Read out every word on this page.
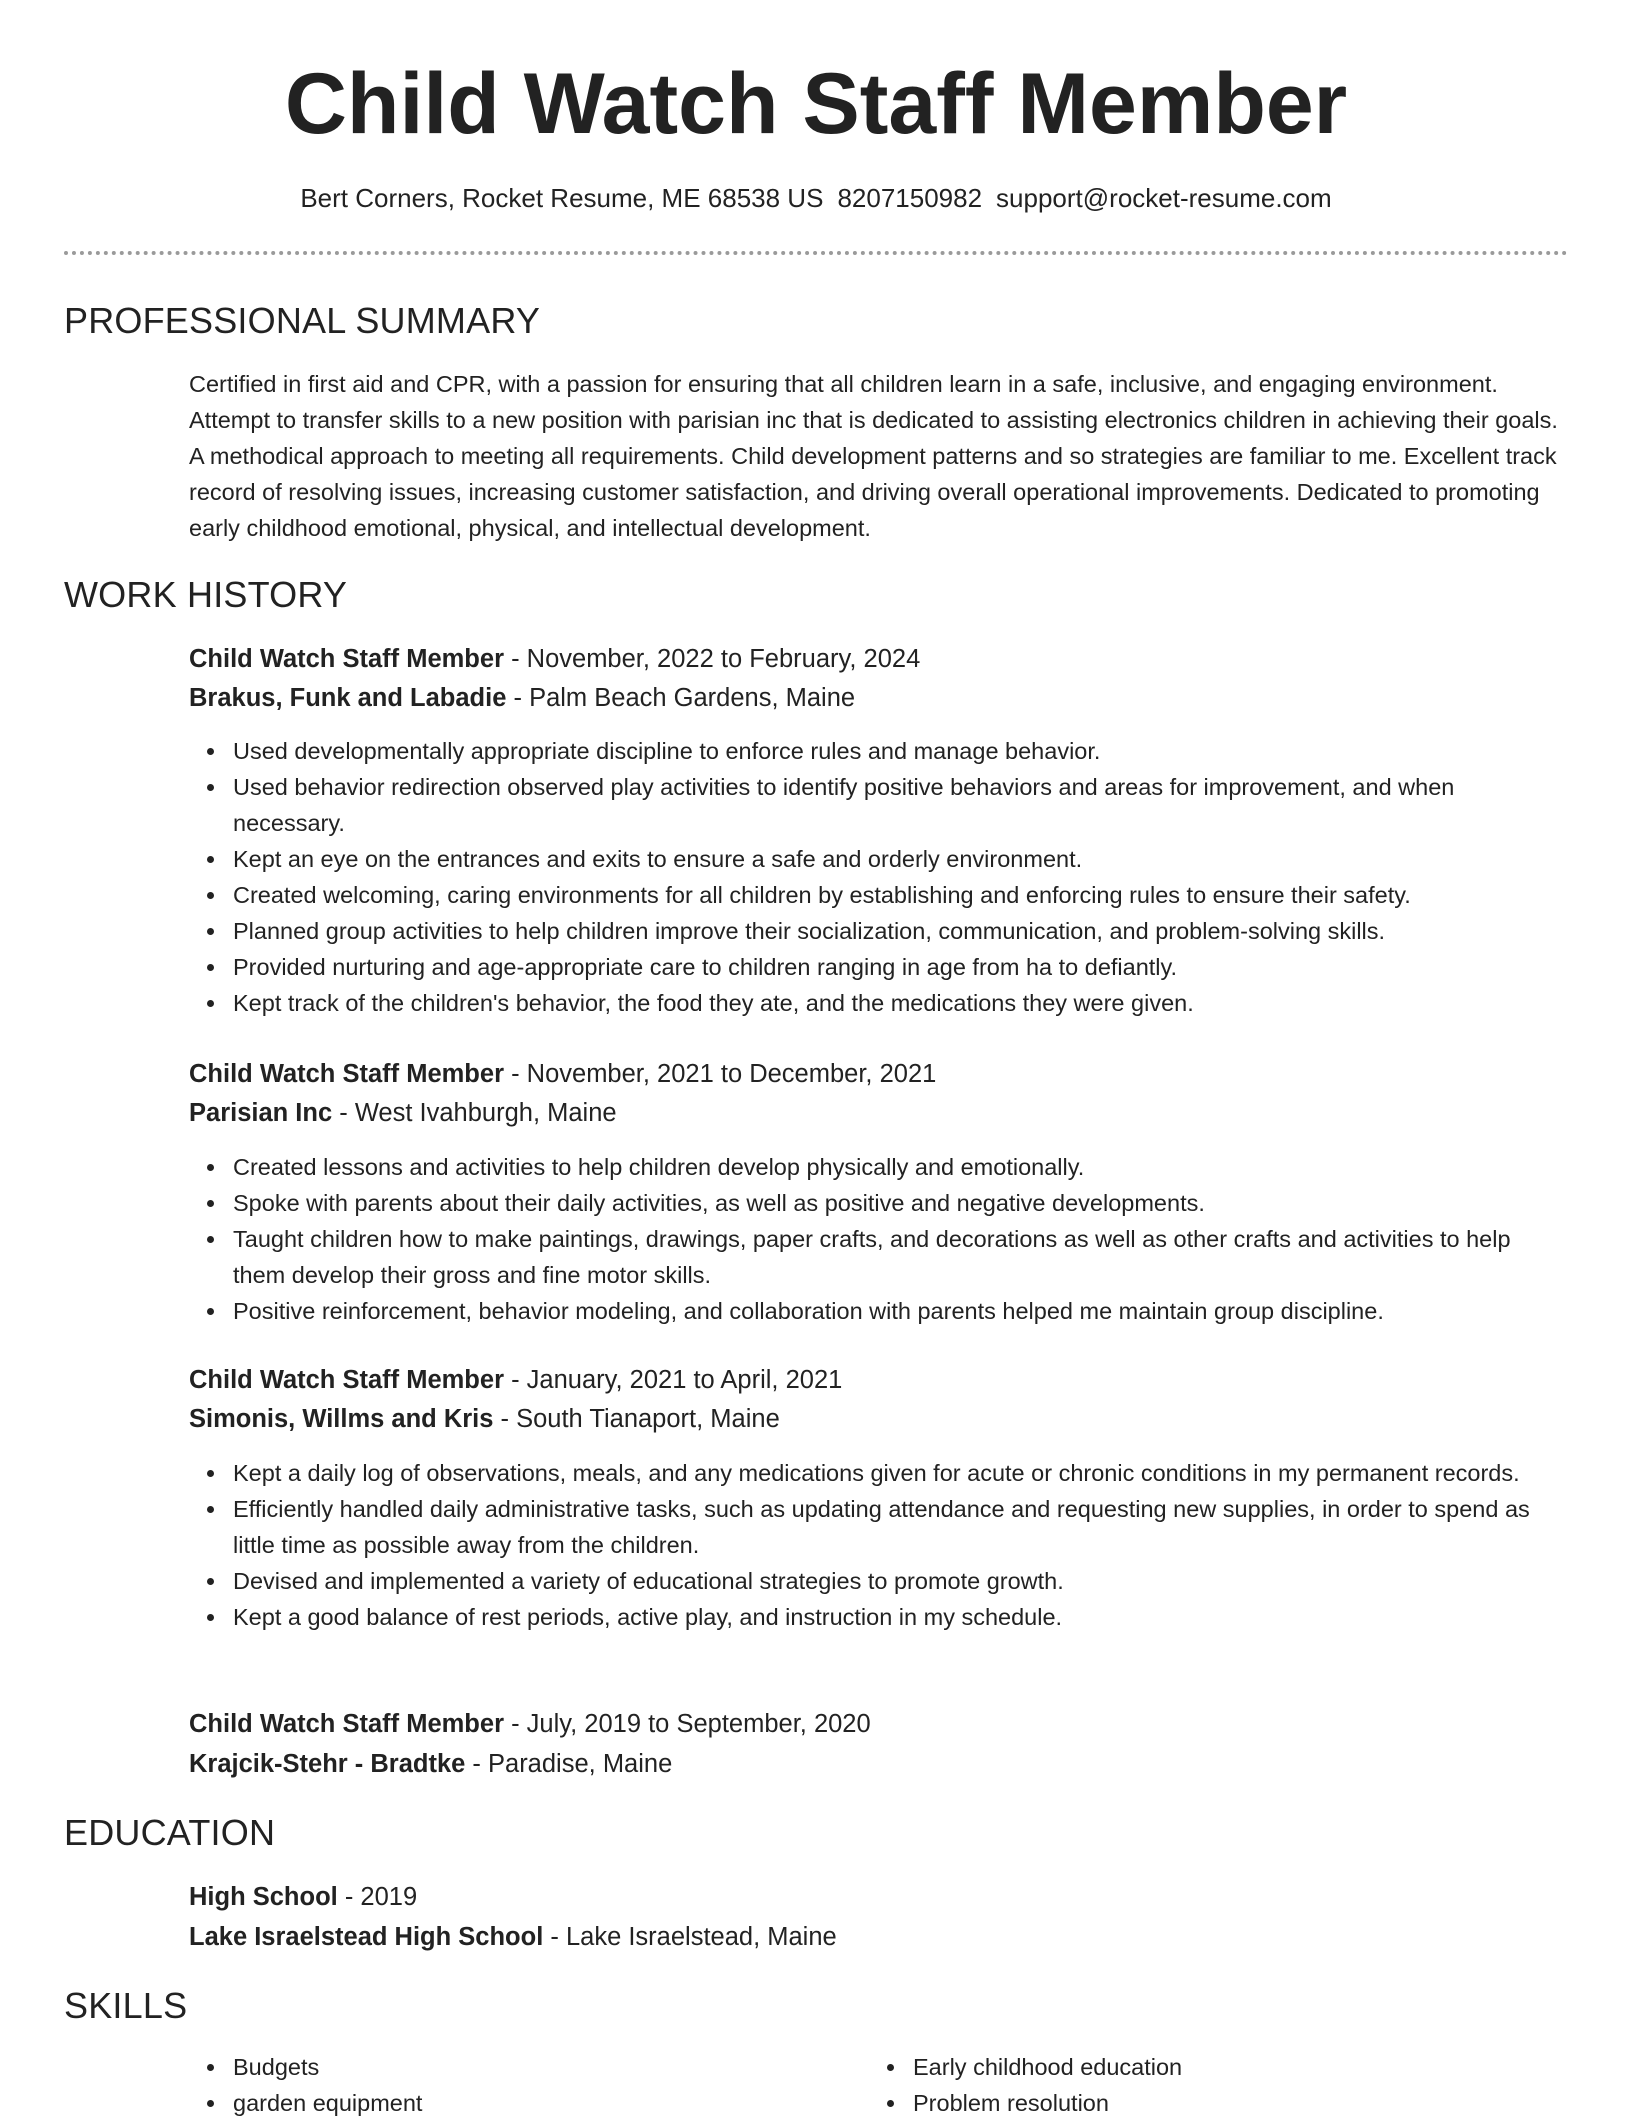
Child Watch Staff Member
Bert Corners, Rocket Resume, ME 68538 US 8207150982 support@rocket-resume.com
PROFESSIONAL SUMMARY

Certified in first aid and CPR, with a passion for ensuring that all children learn in a safe, inclusive, and engaging environment. Attempt to transfer skills to a new position with parisian inc that is dedicated to assisting electronics children in achieving their goals. A methodical approach to meeting all requirements. Child development patterns and so strategies are familiar to me. Excellent track record of resolving issues, increasing customer satisfaction, and driving overall operational improvements. Dedicated to promoting early childhood emotional, physical, and intellectual development.

WORK HISTORY
Child Watch Staff Member - November, 2022 to February, 2024
Brakus, Funk and Labadie - Palm Beach Gardens, Maine
Used developmentally appropriate discipline to enforce rules and manage behavior.
Used behavior redirection observed play activities to identify positive behaviors and areas for improvement, and when necessary.
Kept an eye on the entrances and exits to ensure a safe and orderly environment.
Created welcoming, caring environments for all children by establishing and enforcing rules to ensure their safety.
Planned group activities to help children improve their socialization, communication, and problem-solving skills.
Provided nurturing and age-appropriate care to children ranging in age from ha to defiantly.
Kept track of the children's behavior, the food they ate, and the medications they were given.
Child Watch Staff Member - November, 2021 to December, 2021
Parisian Inc - West Ivahburgh, Maine
Created lessons and activities to help children develop physically and emotionally.
Spoke with parents about their daily activities, as well as positive and negative developments.
Taught children how to make paintings, drawings, paper crafts, and decorations as well as other crafts and activities to help them develop their gross and fine motor skills.
Positive reinforcement, behavior modeling, and collaboration with parents helped me maintain group discipline.
Child Watch Staff Member - January, 2021 to April, 2021
Simonis, Willms and Kris - South Tianaport, Maine
Kept a daily log of observations, meals, and any medications given for acute or chronic conditions in my permanent records.
Efficiently handled daily administrative tasks, such as updating attendance and requesting new supplies, in order to spend as little time as possible away from the children.
Devised and implemented a variety of educational strategies to promote growth.
Kept a good balance of rest periods, active play, and instruction in my schedule.
Child Watch Staff Member - July, 2019 to September, 2020
Krajcik-Stehr - Bradtke - Paradise, Maine
EDUCATION
High School - 2019
Lake Israelstead High School - Lake Israelstead, Maine
SKILLS
Budgets
garden equipment
Early childhood education
Problem resolution
